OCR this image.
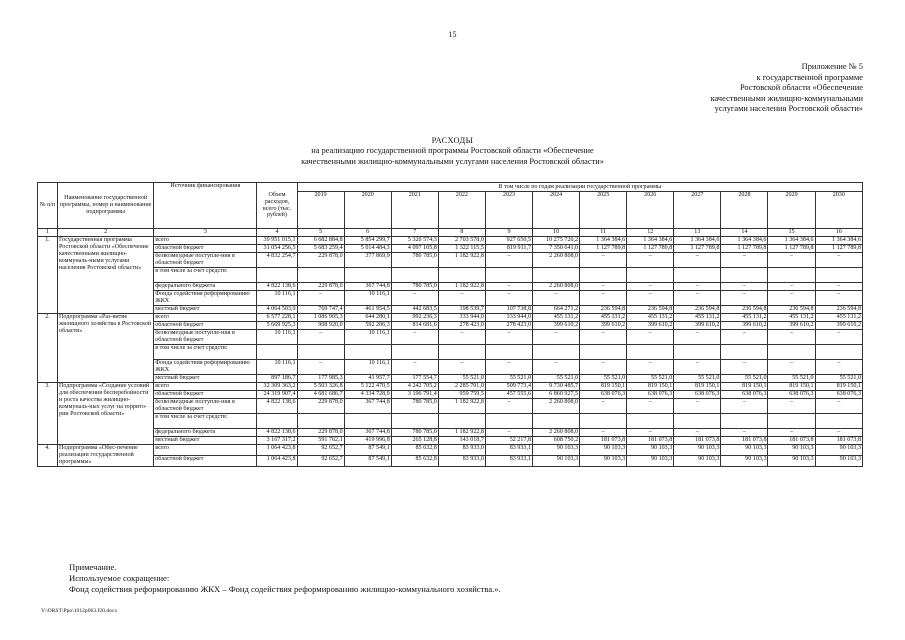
15
Приложение № 5
к государственной программе
Ростовской области «Обеспечение
качественными жилищно-коммунальными
услугами населения Ростовской области»
РАСХОДЫ
на реализацию государственной программы Ростовской области «Обеспечение
качественными жилищно-коммунальными услугами населения Ростовской области»
№ п/п	Наименование государственной программы, номер и наименование подпрограммы	Источник финансирования	Объем расходов, всего (тыс. рублей)	В том числе по годам реализации государственной программы											
				2019	2020	2021	2022	2023	2024	2025	2026	2027	2028	2029	2030
1	2	3	4	5	6	7	8	9	10	11	12	13	14	15	16
1.	Государственная программа Ростовской области «Обеспечение качественными жилищно-коммуналь-ными услугами населения Ростовской области»	всего	39 951 015,1	6 682 884,8	5 854 299,7	5 320 574,3	2 703 578,0	927 650,5	10 275 720,2	1 364 384,6	1 364 384,6	1 364 384,6	1 364 384,6	1 364 384,6	1 364 384,6
		областной бюджет	31 054 256,5	5 683 259,4	5 014 484,3	4 097 105,8	1 322 115,5	819 911,7	7 350 641,0	1 127 789,8	1 127 789,8	1 127 789,8	1 127 789,8	1 127 789,8	1 127 789,8
		безвозмездные поступле-ния в областной бюджет	4 832 254,7	229 878,0	377 869,9	780 785,0	1 182 922,8	–	2 260 808,0	–	–	–	–	–	–
		в том числе за счет средств:													
		федерального бюджета	4 822 138,6	229 878,0	367 744,8	780 785,0	1 182 922,8	–	2 260 808,0	–	–	–	–	–	–
		Фонда содействия реформированию ЖКХ	10 116,1	–	10 116,1	–	–	–	–	–	–	–	–	–	–
		местный бюджет	4 064 503,9	769 747,4	461 954,5	442 683,5	198 539,7	107 738,8	664 271,2	236 594,8	236 594,8	236 594,8	236 594,8	236 594,8	236 594,8
2.	Подпрограмма «Раз-витие жилищного хозяйства в Ростовской области»	всего	6 577 228,1	1 086 905,3	644 280,1	992 236,3	333 944,0	333 944,0	455 131,2	455 131,2	455 131,2	455 131,2	455 131,2	455 131,2	455 131,2
		областной бюджет	5 669 925,3	908 920,0	592 206,3	814 681,6	278 423,0	278 423,0	399 610,2	399 610,2	399 610,2	399 610,2	399 610,2	399 610,2	399 610,2
		безвозмездные поступле-ния в областной бюджет	10 116,1	–	10 116,1	–	–	–	–	–	–	–	–	–	–
		в том числе за счет средств:													
		Фонда содействия реформированию ЖКХ	10 116,1	–	10 116,1	–	–	–	–	–	–	–	–	–	–
		местный бюджет	897 186,7	177 985,3	41 957,7	177 554,7	55 521,0	55 521,0	55 521,0	55 521,0	55 521,0	55 521,0	55 521,0	55 521,0	55 521,0
3.	Подпрограмма «Создание условий для обеспечения бесперебойности и роста качества жилищно-коммуналь-ных услуг на террито-рии Ростовской области»	всего	32 309 363,2	5 503 326,8	5 122 470,5	4 242 705,2	2 285 701,0	509 773,4	9 730 485,7	819 150,1	819 150,1	819 150,1	819 150,1	819 150,1	819 150,1
		областной бюджет	24 319 907,4	4 681 686,7	4 334 728,9	3 196 791,4	959 759,5	457 555,6	6 860 927,5	638 076,3	638 076,3	638 076,3	638 076,3	638 076,3	638 076,3
		безвозмездные поступле-ния в областной бюджет	4 822 138,6	229 878,0	367 744,8	780 785,0	1 182 922,8	–	2 260 808,0	–	–	–	–	–	–
		в том числе за счет средств:													
		федерального бюджета	4 822 138,6	229 878,0	367 744,8	780 785,0	1 182 922,8	–	2 260 808,0	–	–	–	–	–	–
		местный бюджет	3 167 317,2	591 762,1	419 996,8	265 128,8	143 018,7	52 217,8	608 750,2	181 073,8	181 073,8	181 073,8	181 073,8	181 073,8	181 073,8
4.	Подпрограмма «Обес-печение реализации государственной программы»	всего	1 064 423,8	92 652,7	87 549,1	85 632,8	83 933,0	83 933,1	90 103,3	90 103,3	90 103,3	90 103,3	90 103,3	90 103,3	90 103,3
		областной бюджет	1 064 423,8	92 652,7	87 549,1	85 632,8	83 933,0	83 933,1	90 103,3	90 103,3	90 103,3	90 103,3	90 103,3	90 103,3	90 103,3
Примечание.
Используемое сокращение:
Фонд содействия реформированию ЖКХ – Фонд содействия реформированию жилищно-коммунального хозяйства.».
Y:\ORST\Ppo\1012p063.f20.docx
